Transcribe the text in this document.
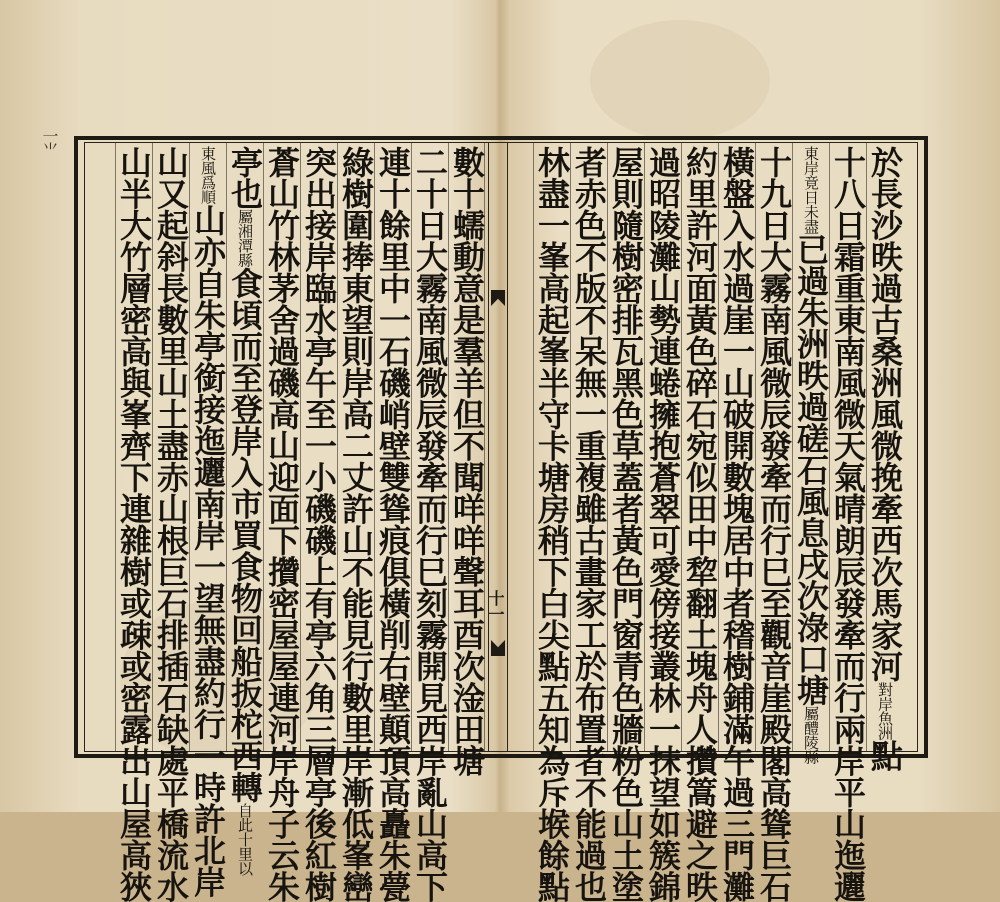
一⺌
十一	於長沙昳過古桑洲風微挽牽西次馬家河對岸魚洲點
十八日霜重東南風微天氣晴朗辰發牽而行兩岸平山迤邐
東岸竟日未盡已過朱洲昳過磋石風息戌次淥口塘屬醴陵縣
十九日大霧南風微辰發牽而行巳至觀音崖殿閣高聳巨石
橫盤入水過崖一山破開數塊居中者𥡴樹鋪滿午過三門灘
約里許河面黃色碎石宛似田中犂翻土塊舟人攢篙避之昳
過昭陵灘山勢連蜷擁抱蒼翠可愛傍接叢林一抹望如簇錦
屋則隨樹密排瓦黑色草蓋者黃色門窗青色牆粉色山土塗
者赤色不版不呆無一重複雖古畫家工於布置者不能過也
林盡一峯高起峯半守卡塘房稍下白尖點五知為斥堠餘點
數十蠕動意是羣羊但不聞咩咩聲耳酉次淦田塘
二十日大霧南風微辰發牽而行巳刻霧開見西岸亂山高下
連十餘里中一石磯峭壁雙聳痕俱橫削右壁顛頂高矗朱甍
綠樹圍捧東望則岸高二丈許山不能見行數里岸漸低峯巒
突出接岸臨水亭午至一小磯磯上有亭六角三層亭後紅樹
蒼山竹林茅舍過磯高山迎面下攢密屋屋連河岸舟子云朱
亭也屬湘潭縣食頃而至登岸入市買食物回船扳柁西轉自此十里以
東風爲順山亦自朱亭銜接迤邐南岸一望無盡約行一時許北岸
山又起斜長數里山土盡赤山根巨石排插石缺處平橋流水
山半大竹層密高與峯齊下連雜樹或疎或密露出山屋高狹
